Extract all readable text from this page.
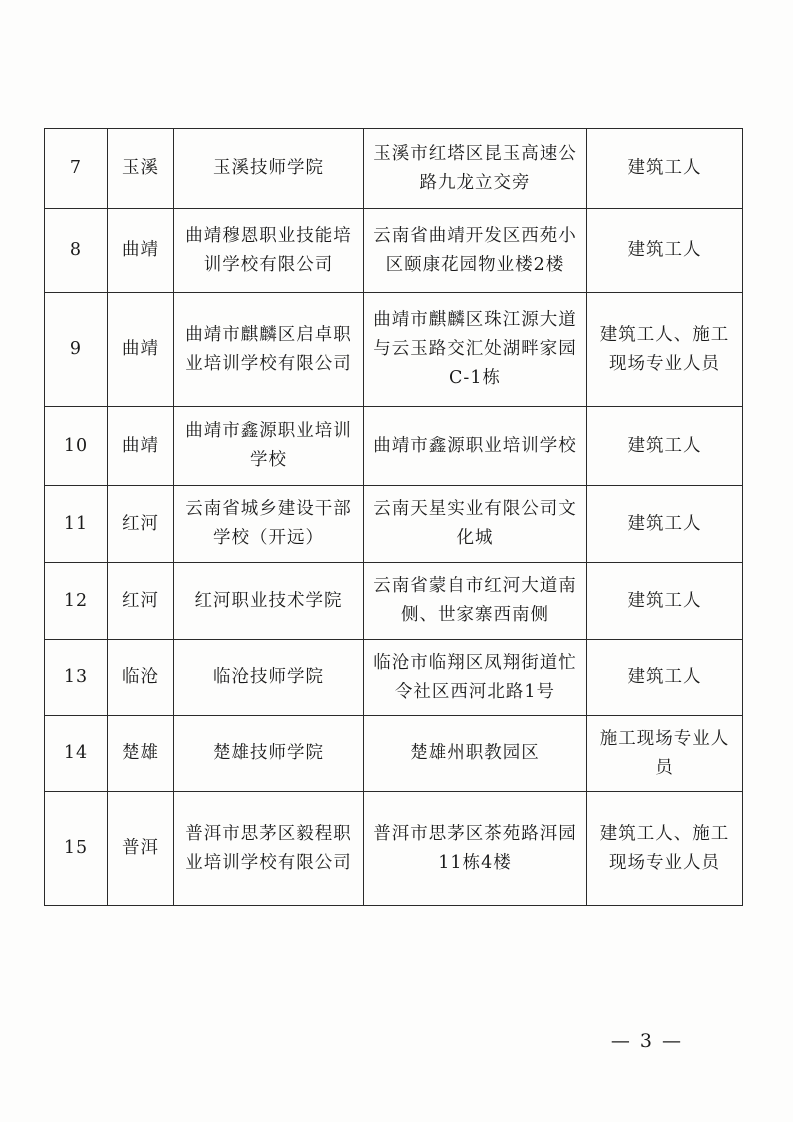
7	玉溪	玉溪技师学院	玉溪市红塔区昆玉高速公路九龙立交旁	建筑工人
8	曲靖	曲靖穆恩职业技能培训学校有限公司	云南省曲靖开发区西苑小区颐康花园物业楼2楼	建筑工人
9	曲靖	曲靖市麒麟区启卓职业培训学校有限公司	曲靖市麒麟区珠江源大道与云玉路交汇处湖畔家园C-1栋	建筑工人、施工现场专业人员
10	曲靖	曲靖市鑫源职业培训学校	曲靖市鑫源职业培训学校	建筑工人
11	红河	云南省城乡建设干部学校（开远）	云南天星实业有限公司文化城	建筑工人
12	红河	红河职业技术学院	云南省蒙自市红河大道南侧、世家寨西南侧	建筑工人
13	临沧	临沧技师学院	临沧市临翔区凤翔街道忙令社区西河北路1号	建筑工人
14	楚雄	楚雄技师学院	楚雄州职教园区	施工现场专业人员
15	普洱	普洱市思茅区毅程职业培训学校有限公司	普洱市思茅区茶苑路洱园11栋4楼	建筑工人、施工现场专业人员
— 3 —
